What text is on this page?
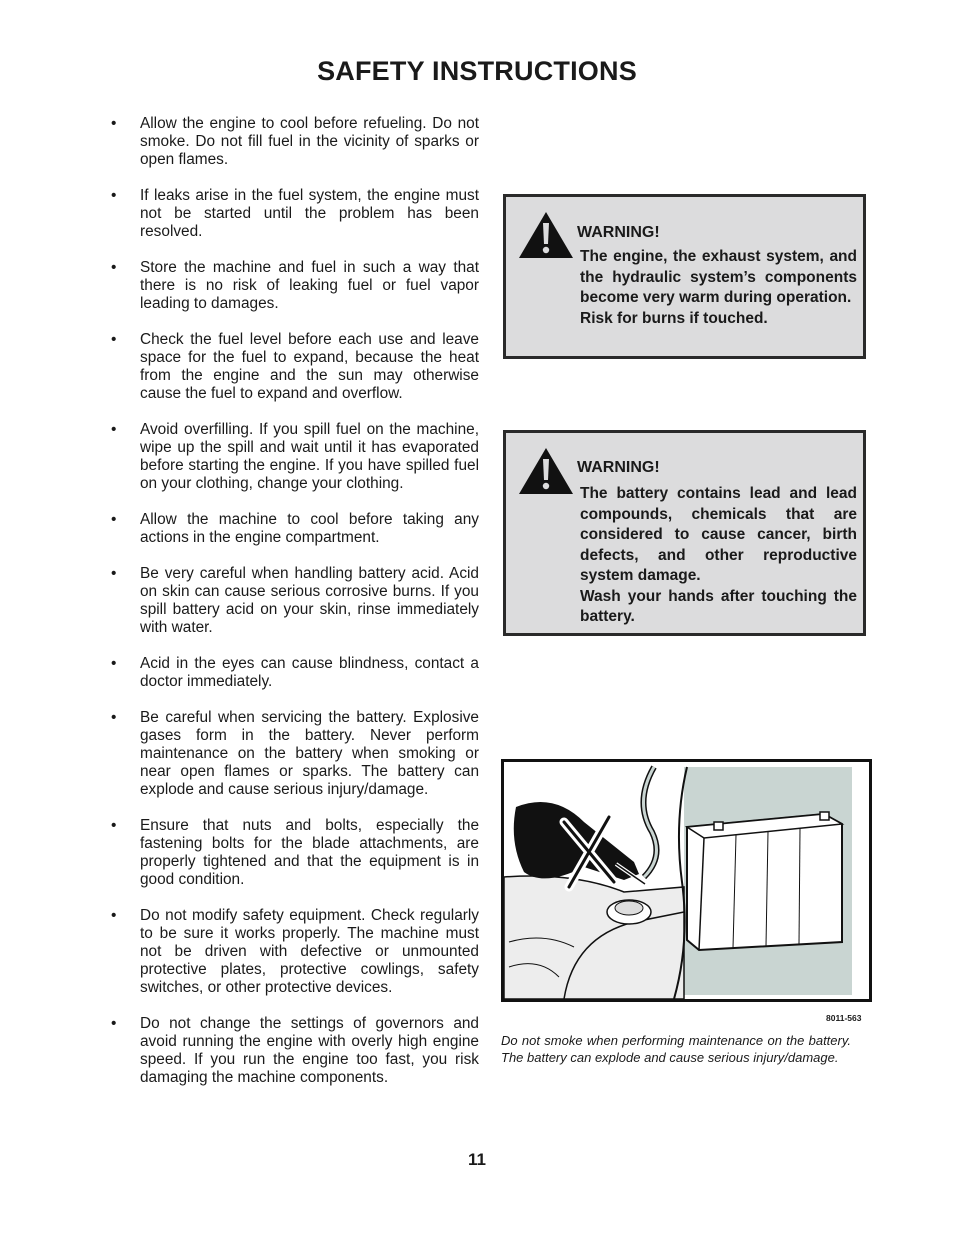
SAFETY INSTRUCTIONS
• Allow the engine to cool before refueling. Do not smoke. Do not fill fuel in the vicinity of sparks or open flames.
• If leaks arise in the fuel system, the engine must not be started until the problem has been resolved.
• Store the machine and fuel in such a way that there is no risk of leaking fuel or fuel vapor leading to damages.
• Check the fuel level before each use and leave space for the fuel to expand, because the heat from the engine and the sun may otherwise cause the fuel to expand and overflow.
• Avoid overfilling. If you spill fuel on the machine, wipe up the spill and wait until it has evaporated before starting the engine. If you have spilled fuel on your clothing, change your clothing.
• Allow the machine to cool before taking any actions in the engine compartment.
• Be very careful when handling battery acid. Acid on skin can cause serious corrosive burns. If you spill battery acid on your skin, rinse immediately with water.
• Acid in the eyes can cause blindness, contact a doctor immediately.
• Be careful when servicing the battery. Explosive gases form in the battery. Never perform maintenance on the battery when smoking or near open flames or sparks. The battery can explode and cause serious injury/damage.
• Ensure that nuts and bolts, especially the fastening bolts for the blade attachments, are properly tightened and that the equipment is in good condition.
• Do not modify safety equipment. Check regularly to be sure it works properly. The machine must not be driven with defective or unmounted protective plates, protective cowlings, safety switches, or other protective devices.
• Do not change the settings of governors and avoid running the engine with overly high engine speed. If you run the engine too fast, you risk damaging the machine components.
WARNING!

The engine, the exhaust system, and the hydraulic system’s components become very warm during operation.

Risk for burns if touched.

WARNING!

The battery contains lead and lead compounds, chemicals that are considered to cause cancer, birth defects, and other reproductive system damage.

Wash your hands after touching the battery.

8011-563

Do not smoke when performing maintenance on the battery. The battery can explode and cause serious injury/damage.

11
